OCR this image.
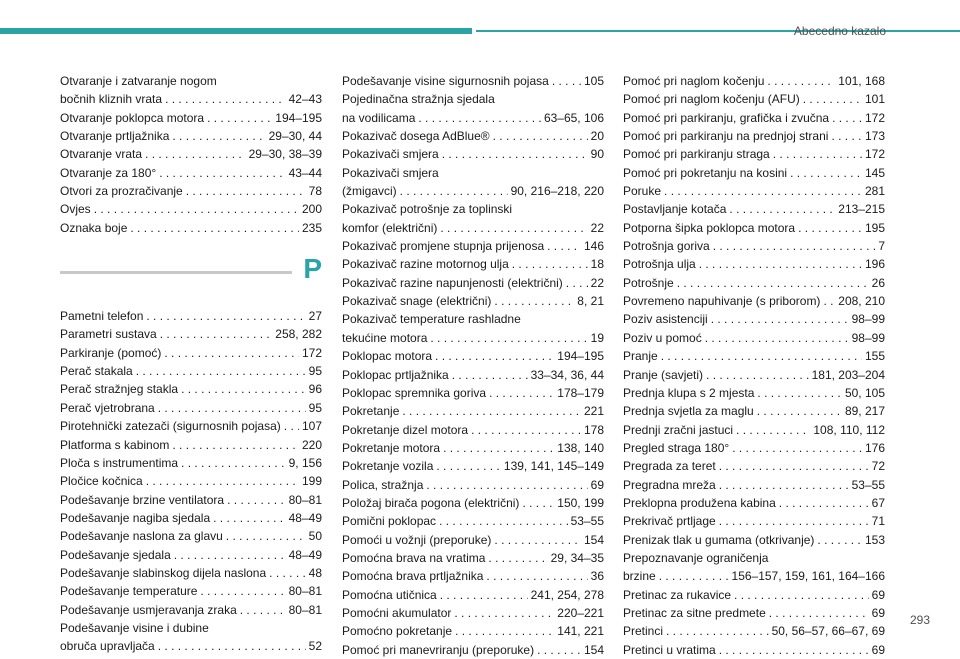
Abecedno kazalo
Otvaranje i zatvaranje nogom
bočnih kliznih vrata . . .	42–43
Otvaranje poklopca motora . . .	194–195
Otvaranje prtljažnika . . .	29–30, 44
Otvaranje vrata . . .	29–30, 38–39
Otvaranje za 180° . . .	43–44
Otvori za prozračivanje . . .	78
Ovjes . . .	200
Oznaka boje . . .	235
P
Pametni telefon . . .	27
Parametri sustava . . .	258, 282
Parkiranje (pomoć) . . .	172
Perač stakala . . .	95
Perač stražnjeg stakla . . .	96
Perač vjetrobrana . . .	95
Pirotehnički zatezači (sigurnosnih pojasa) . . . 107
Platforma s kabinom . . .	220
Ploča s instrumentima . . .	9, 156
Pločice kočnica . . .	199
Podešavanje brzine ventilatora . . .	80–81
Podešavanje nagiba sjedala . . .	48–49
Podešavanje naslona za glavu . . .	50
Podešavanje sjedala . . .	48–49
Podešavanje slabinskog dijela naslona . . .	48
Podešavanje temperature . . .	80–81
Podešavanje usmjeravanja zraka . . .	80–81
Podešavanje visine i dubine
obruča upravljača . . .	52
Podešavanje visine sigurnosnih pojasa . . .	105
Pojedinačna stražnja sjedala
na vodilicama . . .	63–65, 106
Pokazivač dosega AdBlue® . . .	20
Pokazivači smjera . . .	90
Pokazivači smjera
(žmigavci) . . .	90, 216–218, 220
Pokazivač potrošnje za toplinski
komfor (električni) . . .	22
Pokazivač promjene stupnja prijenosa . . .	146
Pokazivač razine motornog ulja . . .	18
Pokazivač razine napunjenosti (električni) . . . 22
Pokazivač snage (električni) . . .	8, 21
Pokazivač temperature rashladne
tekućine motora . . .	19
Poklopac motora . . .	194–195
Poklopac prtljažnika . . .	33–34, 36, 44
Poklopac spremnika goriva . . .	178–179
Pokretanje . . .	221
Pokretanje dizel motora . . .	178
Pokretanje motora . . .	138, 140
Pokretanje vozila . . .	139, 141, 145–149
Polica, stražnja . . .	69
Položaj birača pogona (električni) . . .	150, 199
Pomični poklopac . . .	53–55
Pomoći u vožnji (preporuke) . . .	154
Pomoćna brava na vratima . . .	29, 34–35
Pomoćna brava prtljažnika . . .	36
Pomoćna utičnica . . .	241, 254, 278
Pomoćni akumulator . . .	220–221
Pomoćno pokretanje . . .	141, 221
Pomoć pri manevriranju (preporuke) . . .	154
Pomoć pri naglom kočenju . . .	101, 168
Pomoć pri naglom kočenju (AFU) . . .	101
Pomoć pri parkiranju, grafička i zvučna . . .	172
Pomoć pri parkiranju na prednjoj strani . . .	173
Pomoć pri parkiranju straga . . .	172
Pomoć pri pokretanju na kosini . . .	145
Poruke . . .	281
Postavljanje kotača . . .	213–215
Potporna šipka poklopca motora . . .	195
Potrošnja goriva . . .	7
Potrošnja ulja . . .	196
Potrošnje . . .	26
Povremeno napuhivanje (s priborom) . . . 208, 210
Poziv asistenciji . . .	98–99
Poziv u pomoć . . .	98–99
Pranje . . .	155
Pranje (savjeti) . . .	181, 203–204
Prednja klupa s 2 mjesta . . .	50, 105
Prednja svjetla za maglu . . .	89, 217
Prednji zračni jastuci . . .	108, 110, 112
Pregled straga 180° . . .	176
Pregrada za teret . . .	72
Pregradna mreža . . .	53–55
Preklopna produžena kabina . . .	67
Prekrivač prtljage . . .	71
Prenizak tlak u gumama (otkrivanje) . . .	153
Prepoznavanje ograničenja
brzine . . .	156–157, 159, 161, 164–166
Pretinac za rukavice . . .	69
Pretinac za sitne predmete . . .	69
Pretinci . . .	50, 56–57, 66–67, 69
Pretinci u vratima . . .	69
293
